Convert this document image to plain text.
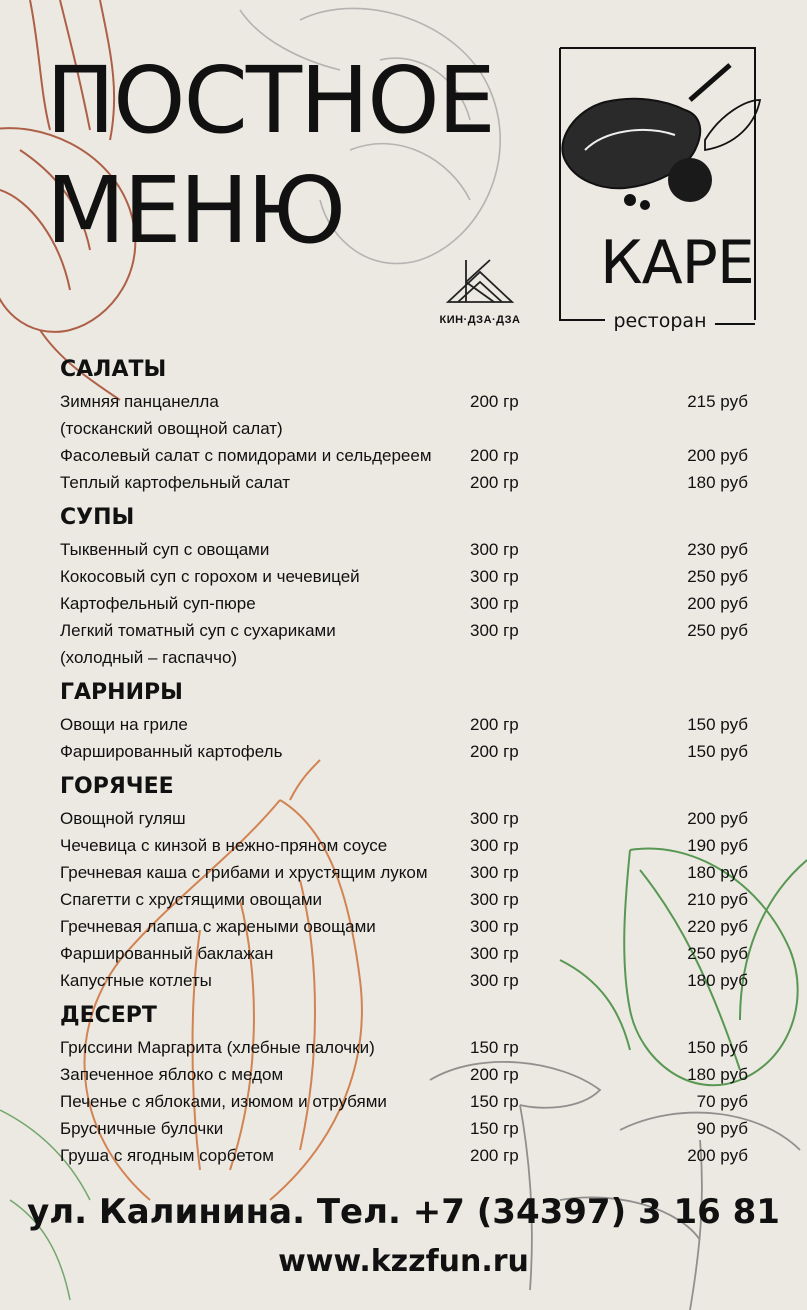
ПОСТНОЕ
МЕНЮ
КИН·ДЗА·ДЗА
КАРЕ
ресторан
САЛАТЫ
Зимняя панцанелла	200 гр	215 руб
(тосканский овощной салат)
Фасолевый салат с помидорами и сельдереем 200 гр	200 руб
Теплый картофельный салат	200 гр	180 руб
СУПЫ
Тыквенный суп с овощами	300 гр	230 руб
Кокосовый суп с горохом и чечевицей	300 гр	250 руб
Картофельный суп-пюре	300 гр	200 руб
Легкий томатный суп с сухариками	300 гр	250 руб
(холодный – гаспаччо)
ГАРНИРЫ
Овощи на гриле	200 гр	150 руб
Фаршированный картофель	200 гр	150 руб
ГОРЯЧЕЕ
Овощной гуляш	300 гр	200 руб
Чечевица с кинзой в нежно-пряном соусе	300 гр	190 руб
Гречневая каша с грибами и хрустящим луком 300 гр	180 руб
Спагетти с хрустящими овощами	300 гр	210 руб
Гречневая лапша с жареными овощами	300 гр	220 руб
Фаршированный баклажан	300 гр	250 руб
Капустные котлеты	300 гр	180 руб
ДЕСЕРТ
Гриссини Маргарита (хлебные палочки)	150 гр	150 руб
Запеченное яблоко с медом	200 гр	180 руб
Печенье с яблоками, изюмом и отрубями	150 гр	70 руб
Брусничные булочки	150 гр	90 руб
Груша с ягодным сорбетом	200 гр	200 руб
ул. Калинина. Тел. +7 (34397) 3 16 81
www.kzzfun.ru
